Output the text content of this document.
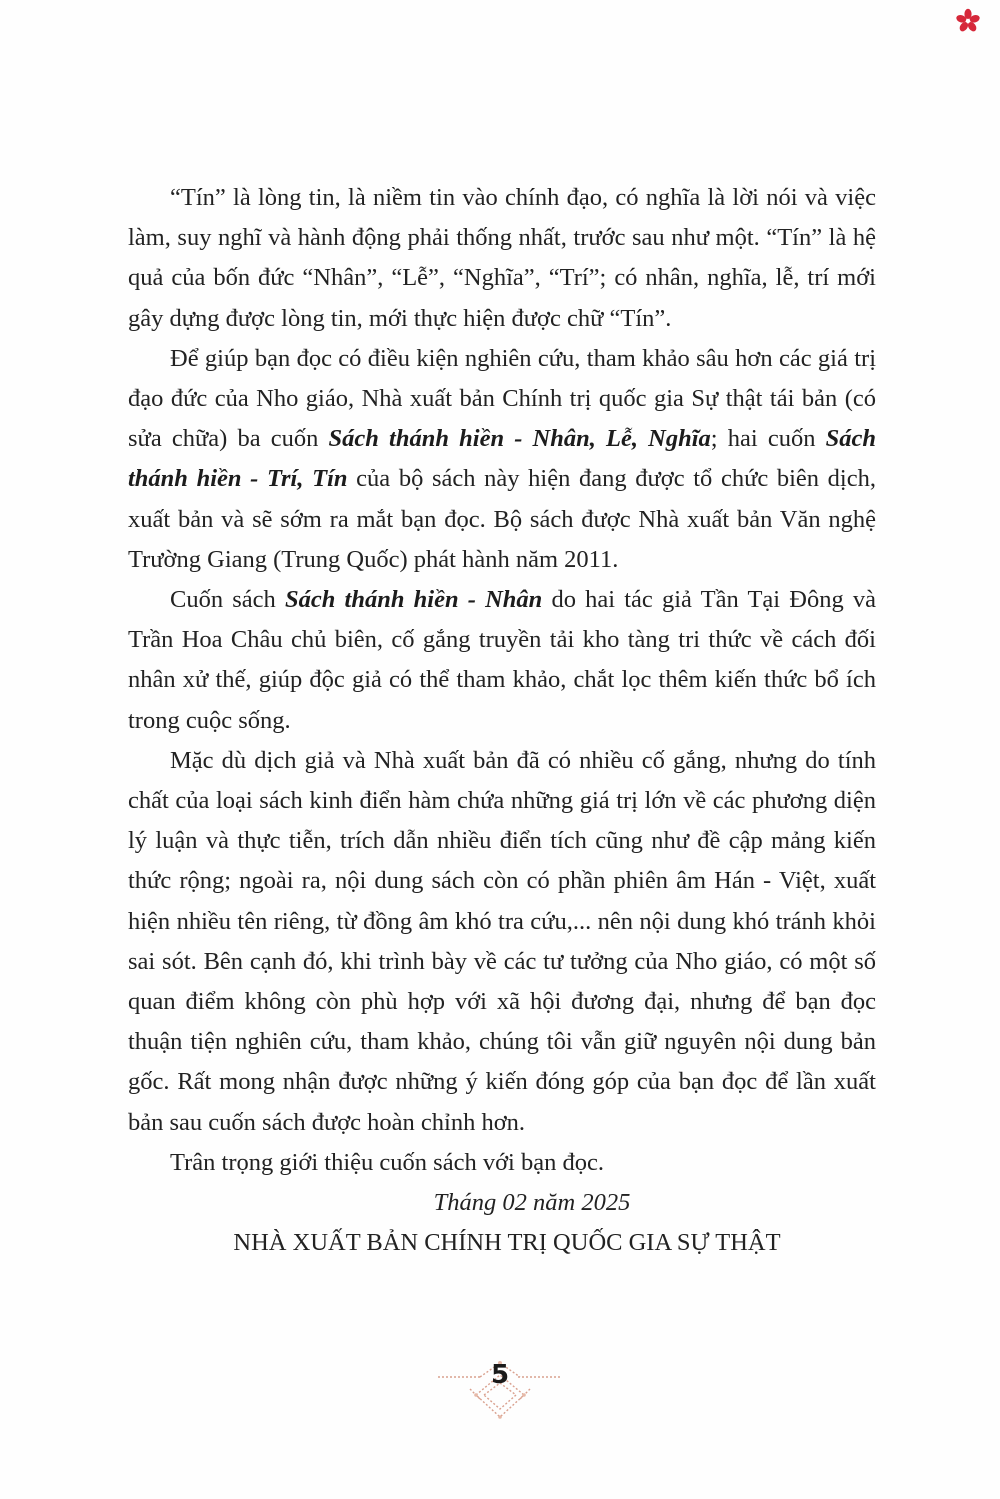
“Tín” là lòng tin, là niềm tin vào chính đạo, có nghĩa là lời nói và việc làm, suy nghĩ và hành động phải thống nhất, trước sau như một. “Tín” là hệ quả của bốn đức “Nhân”, “Lễ”, “Nghĩa”, “Trí”; có nhân, nghĩa, lễ, trí mới gây dựng được lòng tin, mới thực hiện được chữ “Tín”.

Để giúp bạn đọc có điều kiện nghiên cứu, tham khảo sâu hơn các giá trị đạo đức của Nho giáo, Nhà xuất bản Chính trị quốc gia Sự thật tái bản (có sửa chữa) ba cuốn Sách thánh hiền - Nhân, Lễ, Nghĩa; hai cuốn Sách thánh hiền - Trí, Tín của bộ sách này hiện đang được tổ chức biên dịch, xuất bản và sẽ sớm ra mắt bạn đọc. Bộ sách được Nhà xuất bản Văn nghệ Trường Giang (Trung Quốc) phát hành năm 2011.

Cuốn sách Sách thánh hiền - Nhân do hai tác giả Tần Tại Đông và Trần Hoa Châu chủ biên, cố gắng truyền tải kho tàng tri thức về cách đối nhân xử thế, giúp độc giả có thể tham khảo, chắt lọc thêm kiến thức bổ ích trong cuộc sống.

Mặc dù dịch giả và Nhà xuất bản đã có nhiều cố gắng, nhưng do tính chất của loại sách kinh điển hàm chứa những giá trị lớn về các phương diện lý luận và thực tiễn, trích dẫn nhiều điển tích cũng như đề cập mảng kiến thức rộng; ngoài ra, nội dung sách còn có phần phiên âm Hán - Việt, xuất hiện nhiều tên riêng, từ đồng âm khó tra cứu,... nên nội dung khó tránh khỏi sai sót. Bên cạnh đó, khi trình bày về các tư tưởng của Nho giáo, có một số quan điểm không còn phù hợp với xã hội đương đại, nhưng để bạn đọc thuận tiện nghiên cứu, tham khảo, chúng tôi vẫn giữ nguyên nội dung bản gốc. Rất mong nhận được những ý kiến đóng góp của bạn đọc để lần xuất bản sau cuốn sách được hoàn chỉnh hơn.

Trân trọng giới thiệu cuốn sách với bạn đọc.

Tháng 02 năm 2025

NHÀ XUẤT BẢN CHÍNH TRỊ QUỐC GIA SỰ THẬT

5
